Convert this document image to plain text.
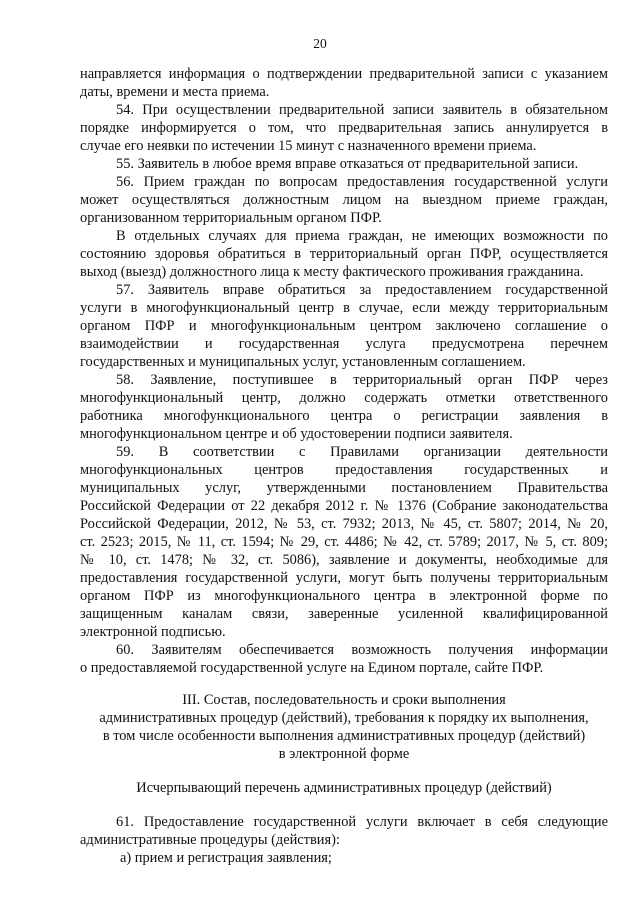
20
направляется информация о подтверждении предварительной записи с указанием
даты, времени и места приема.
54. При осуществлении предварительной записи заявитель в обязательном
порядке информируется о том, что предварительная запись аннулируется в
случае его неявки по истечении 15 минут с назначенного времени приема.
55. Заявитель в любое время вправе отказаться от предварительной записи.
56. Прием граждан по вопросам предоставления государственной услуги
может осуществляться должностным лицом на выездном приеме граждан,
организованном территориальным органом ПФР.
В отдельных случаях для приема граждан, не имеющих возможности по
состоянию здоровья обратиться в территориальный орган ПФР, осуществляется
выход (выезд) должностного лица к месту фактического проживания гражданина.
57. Заявитель вправе обратиться за предоставлением государственной
услуги в многофункциональный центр в случае, если между территориальным
органом ПФР и многофункциональным центром заключено соглашение о
взаимодействии и государственная услуга предусмотрена перечнем
государственных и муниципальных услуг, установленным соглашением.
58. Заявление, поступившее в территориальный орган ПФР через
многофункциональный центр, должно содержать отметки ответственного
работника многофункционального центра о регистрации заявления в
многофункциональном центре и об удостоверении подписи заявителя.
59. В соответствии с Правилами организации деятельности
многофункциональных центров предоставления государственных и
муниципальных услуг, утвержденными постановлением Правительства
Российской Федерации от 22 декабря 2012 г. № 1376 (Собрание законодательства
Российской Федерации, 2012, № 53, ст. 7932; 2013, № 45, ст. 5807; 2014, № 20,
ст. 2523; 2015, № 11, ст. 1594; № 29, ст. 4486; № 42, ст. 5789; 2017, № 5, ст. 809;
№ 10, ст. 1478; № 32, ст. 5086), заявление и документы, необходимые для
предоставления государственной услуги, могут быть получены территориальным
органом ПФР из многофункционального центра в электронной форме по
защищенным каналам связи, заверенные усиленной квалифицированной
электронной подписью.
60. Заявителям обеспечивается возможность получения информации
о предоставляемой государственной услуге на Едином портале, сайте ПФР.
III. Состав, последовательность и сроки выполнения
административных процедур (действий), требования к порядку их выполнения,
в том числе особенности выполнения административных процедур (действий)
в электронной форме
Исчерпывающий перечень административных процедур (действий)
61. Предоставление государственной услуги включает в себя следующие
административные процедуры (действия):
а) прием и регистрация заявления;
